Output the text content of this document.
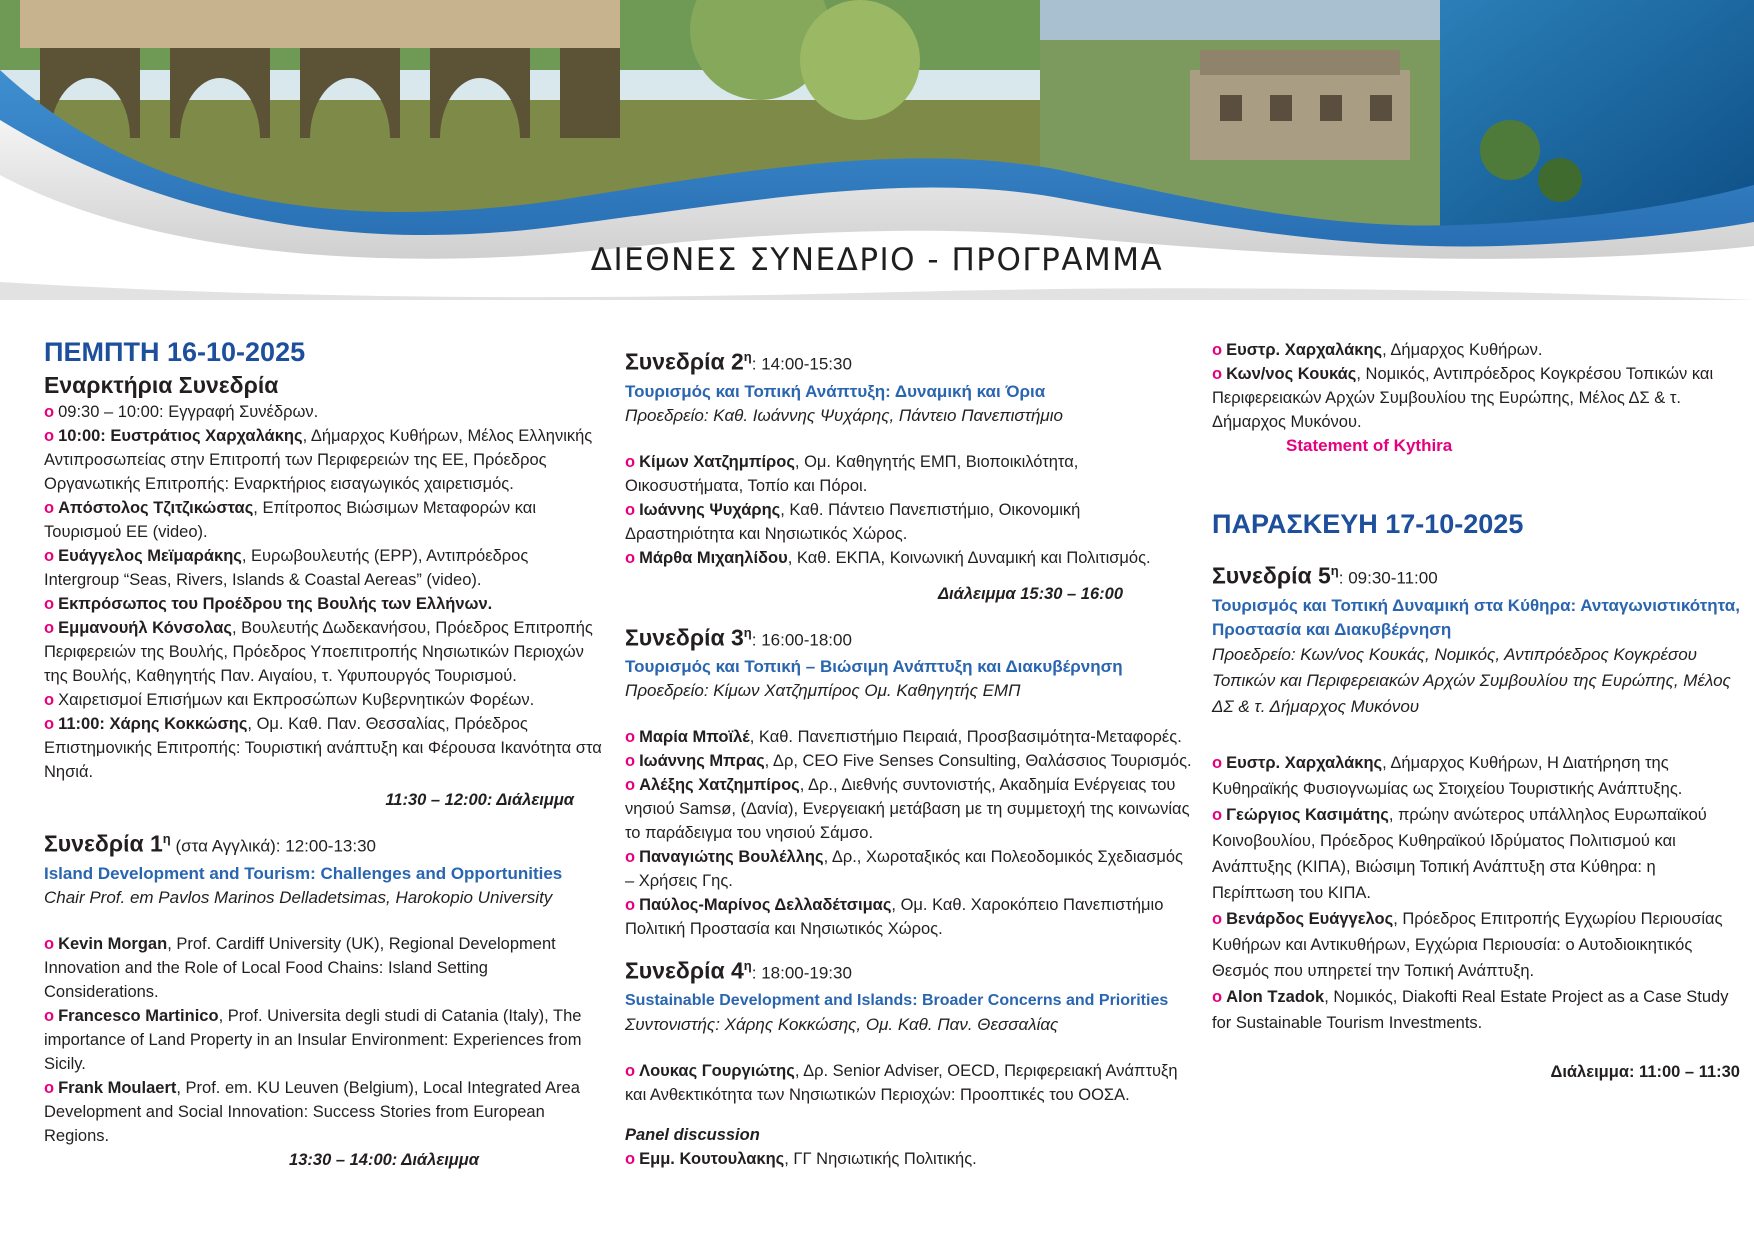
ΔΙΕΘΝΕΣ ΣΥΝΕΔΡΙΟ - ΠΡΟΓΡΑΜΜΑ
ΠΕΜΠΤΗ 16-10-2025
Εναρκτήρια Συνεδρία
o 09:30 – 10:00: Εγγραφή Συνέδρων.
o 10:00: Ευστράτιος Χαρχαλάκης, Δήμαρχος Κυθήρων, Μέλος Ελληνικής Αντιπροσωπείας στην Επιτροπή των Περιφερειών της ΕΕ, Πρόεδρος Οργανωτικής Επιτροπής: Εναρκτήριος εισαγωγικός χαιρετισμός.
o Απόστολος Τζιτζικώστας, Επίτροπος Βιώσιμων Μεταφορών και Τουρισμού ΕΕ (video).
o Ευάγγελος Μεϊμαράκης, Ευρωβουλευτής (ΕΡΡ), Αντιπρόεδρος Intergroup “Seas, Rivers, Islands & Coastal Aereas” (video).
o Εκπρόσωπος του Προέδρου της Βουλής των Ελλήνων.
o Εμμανουήλ Κόνσολας, Βουλευτής Δωδεκανήσου, Πρόεδρος Επιτροπής Περιφερειών της Βουλής, Πρόεδρος Υποεπιτροπής Νησιωτικών Περιοχών της Βουλής, Καθηγητής Παν. Αιγαίου, τ. Υφυπουργός Τουρισμού.
o Χαιρετισμοί Επισήμων και Εκπροσώπων Κυβερνητικών Φορέων.
o 11:00: Χάρης Κοκκώσης, Ομ. Καθ. Παν. Θεσσαλίας, Πρόεδρος Επιστημονικής Επιτροπής: Τουριστική ανάπτυξη και Φέρουσα Ικανότητα στα Νησιά.
11:30 – 12:00: Διάλειμμα
Συνεδρία $1^\eta$ (στα Αγγλικά): 12:00-13:30
Island Development and Tourism: Challenges and Opportunities
Chair Prof. em Pavlos Marinos Delladetsimas, Harokopio University
o Kevin Morgan, Prof. Cardiff University (UK), Regional Development Innovation and the Role of Local Food Chains: Island Setting Considerations.
o Francesco Martinico, Prof. Universita degli studi di Catania (Italy), The importance of Land Property in an Insular Environment: Experiences from Sicily.
o Frank Moulaert, Prof. em. KU Leuven (Belgium), Local Integrated Area Development and Social Innovation: Success Stories from European Regions.
13:30 – 14:00: Διάλειμμα
Συνεδρία $2^\eta$: 14:00-15:30
Τουρισμός και Τοπική Ανάπτυξη: Δυναμική και Όρια
Προεδρείο: Καθ. Ιωάννης Ψυχάρης, Πάντειο Πανεπιστήμιο
o Κίμων Χατζημπίρος, Ομ. Καθηγητής ΕΜΠ, Βιοποικιλότητα, Οικοσυστήματα, Τοπίο και Πόροι.
o Ιωάννης Ψυχάρης, Καθ. Πάντειο Πανεπιστήμιο, Οικονομική Δραστηριότητα και Νησιωτικός Χώρος.
o Μάρθα Μιχαηλίδου, Καθ. ΕΚΠΑ, Κοινωνική Δυναμική και Πολιτισμός.
Διάλειμμα 15:30 – 16:00
Συνεδρία $3^\eta$: 16:00-18:00
Τουρισμός και Τοπική – Βιώσιμη Ανάπτυξη και Διακυβέρνηση
Προεδρείο: Κίμων Χατζημπίρος Ομ. Καθηγητής ΕΜΠ
o Μαρία Μποϊλέ, Καθ. Πανεπιστήμιο Πειραιά, Προσβασιμότητα-Μεταφορές.
o Ιωάννης Μπρας, Δρ, CEO Five Senses Consulting, Θαλάσσιος Τουρισμός.
o Αλέξης Χατζημπίρος, Δρ., Διεθνής συντονιστής, Ακαδημία Ενέργειας του νησιού Samsø, (Δανία), Ενεργειακή μετάβαση με τη συμμετοχή της κοινωνίας το παράδειγμα του νησιού Σάμσο.
o Παναγιώτης Βουλέλλης, Δρ., Χωροταξικός και Πολεοδομικός Σχεδιασμός – Χρήσεις Γης.
o Παύλος-Μαρίνος Δελλαδέτσιμας, Ομ. Καθ. Χαροκόπειο Πανεπιστήμιο Πολιτική Προστασία και Νησιωτικός Χώρος.
Συνεδρία $4^\eta$: 18:00-19:30
Sustainable Development and Islands: Broader Concerns and Priorities
Συντονιστής: Χάρης Κοκκώσης, Ομ. Καθ. Παν. Θεσσαλίας
o Λουκας Γουργιώτης, Δρ. Senior Adviser, OECD, Περιφερειακή Ανάπτυξη και Ανθεκτικότητα των Νησιωτικών Περιοχών: Προοπτικές του ΟΟΣΑ.
Panel discussion
o Εμμ. Κουτουλακης, ΓΓ Νησιωτικής Πολιτικής.
o Ευστρ. Χαρχαλάκης, Δήμαρχος Κυθήρων.
o Κων/νος Κουκάς, Νομικός, Αντιπρόεδρος Κογκρέσου Τοπικών και Περιφερειακών Αρχών Συμβουλίου της Ευρώπης, Μέλος ΔΣ & τ. Δήμαρχος Μυκόνου.
Statement of Kythira
ΠΑΡΑΣΚΕΥΗ 17-10-2025
Συνεδρία $5^\eta$: 09:30-11:00
Τουρισμός και Τοπική Δυναμική στα Κύθηρα: Ανταγωνιστικότητα, Προστασία και Διακυβέρνηση
Προεδρείο: Κων/νος Κουκάς, Νομικός, Αντιπρόεδρος Κογκρέσου Τοπικών και Περιφερειακών Αρχών Συμβουλίου της Ευρώπης, Μέλος ΔΣ & τ. Δήμαρχος Μυκόνου
o Ευστρ. Χαρχαλάκης, Δήμαρχος Κυθήρων, Η Διατήρηση της Κυθηραϊκής Φυσιογνωμίας ως Στοιχείου Τουριστικής Ανάπτυξης.
o Γεώργιος Κασιμάτης, πρώην ανώτερος υπάλληλος Ευρωπαϊκού Κοινοβουλίου, Πρόεδρος Κυθηραϊκού Ιδρύματος Πολιτισμού και Ανάπτυξης (ΚΙΠΑ), Βιώσιμη Τοπική Ανάπτυξη στα Κύθηρα: η Περίπτωση του ΚΙΠΑ.
o Βενάρδος Ευάγγελος, Πρόεδρος Επιτροπής Εγχωρίου Περιουσίας Κυθήρων και Αντικυθήρων, Εγχώρια Περιουσία: ο Αυτοδιοικητικός Θεσμός που υπηρετεί την Τοπική Ανάπτυξη.
o Alon Tzadok, Νομικός, Diakofti Real Estate Project as a Case Study for Sustainable Tourism Investments.
Διάλειμμα: 11:00 – 11:30
